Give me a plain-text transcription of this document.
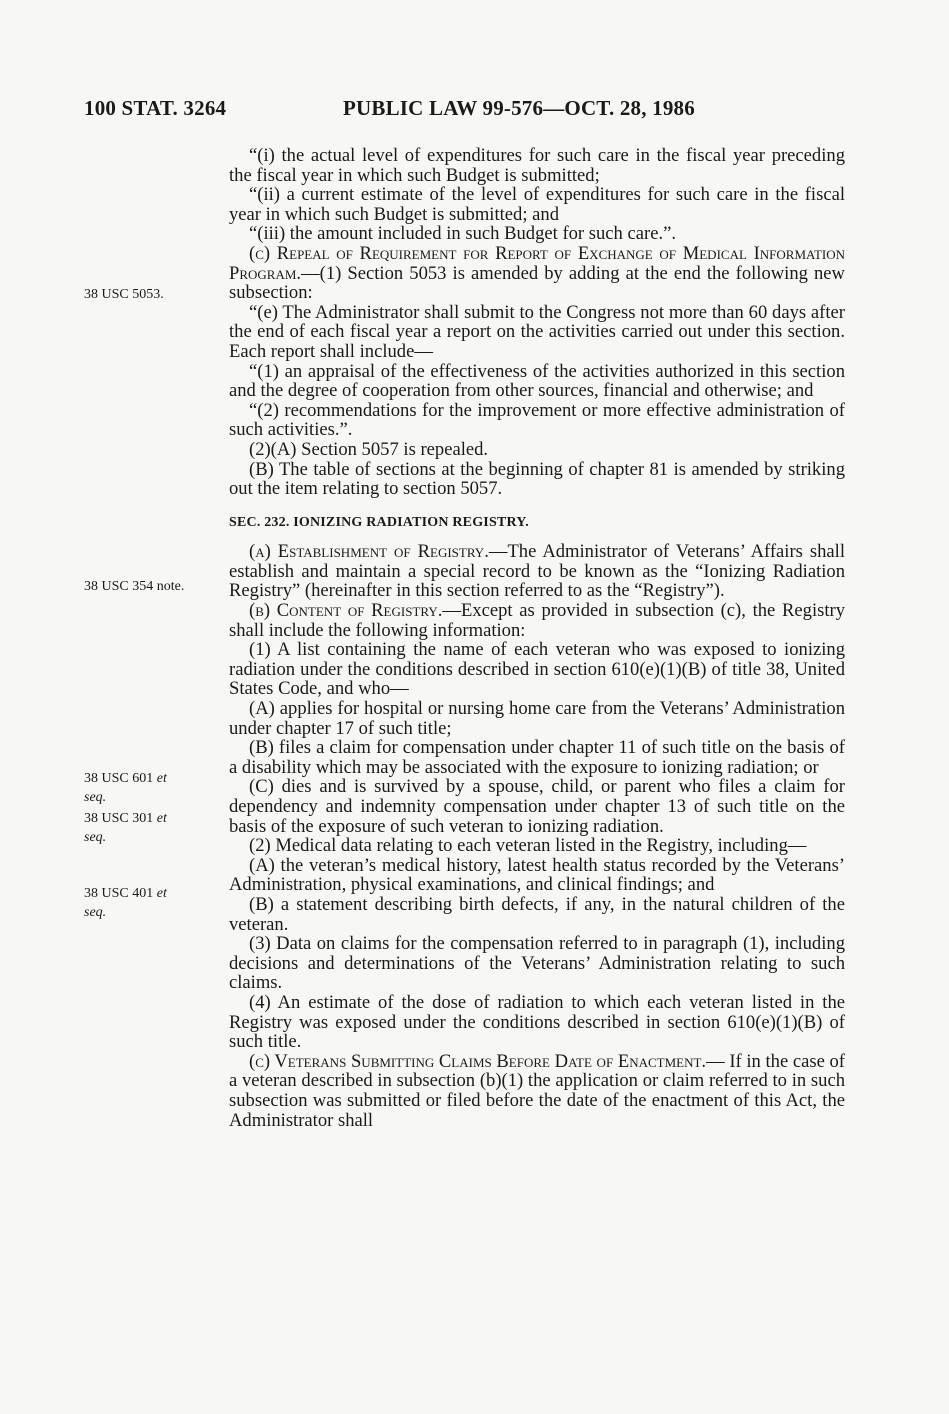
100 STAT. 3264	PUBLIC LAW 99-576—OCT. 28, 1986
38 USC 5053.
38 USC 354 note.
38 USC 601 et
seq.
38 USC 301 et
seq.
38 USC 401 et
seq.

“(i) the actual level of expenditures for such care in the fiscal year preceding the fiscal year in which such Budget is submitted;

“(ii) a current estimate of the level of expenditures for such care in the fiscal year in which such Budget is submitted; and

“(iii) the amount included in such Budget for such care.”.

(c) Repeal of Requirement for Report of Exchange of Medical Information Program.—(1) Section 5053 is amended by adding at the end the following new subsection:

“(e) The Administrator shall submit to the Congress not more than 60 days after the end of each fiscal year a report on the activities carried out under this section. Each report shall include—

“(1) an appraisal of the effectiveness of the activities authorized in this section and the degree of cooperation from other sources, financial and otherwise; and

“(2) recommendations for the improvement or more effective administration of such activities.”.

(2)(A) Section 5057 is repealed.

(B) The table of sections at the beginning of chapter 81 is amended by striking out the item relating to section 5057.

SEC. 232. IONIZING RADIATION REGISTRY.

(a) Establishment of Registry.—The Administrator of Veterans’ Affairs shall establish and maintain a special record to be known as the “Ionizing Radiation Registry” (hereinafter in this section referred to as the “Registry”).

(b) Content of Registry.—Except as provided in subsection (c), the Registry shall include the following information:

(1) A list containing the name of each veteran who was exposed to ionizing radiation under the conditions described in section 610(e)(1)(B) of title 38, United States Code, and who—

(A) applies for hospital or nursing home care from the Veterans’ Administration under chapter 17 of such title;

(B) files a claim for compensation under chapter 11 of such title on the basis of a disability which may be associated with the exposure to ionizing radiation; or

(C) dies and is survived by a spouse, child, or parent who files a claim for dependency and indemnity compensation under chapter 13 of such title on the basis of the exposure of such veteran to ionizing radiation.

(2) Medical data relating to each veteran listed in the Registry, including—

(A) the veteran’s medical history, latest health status recorded by the Veterans’ Administration, physical examinations, and clinical findings; and

(B) a statement describing birth defects, if any, in the natural children of the veteran.

(3) Data on claims for the compensation referred to in paragraph (1), including decisions and determinations of the Veterans’ Administration relating to such claims.

(4) An estimate of the dose of radiation to which each veteran listed in the Registry was exposed under the conditions described in section 610(e)(1)(B) of such title.

(c) Veterans Submitting Claims Before Date of Enactment.— If in the case of a veteran described in subsection (b)(1) the application or claim referred to in such subsection was submitted or filed before the date of the enactment of this Act, the Administrator shall
